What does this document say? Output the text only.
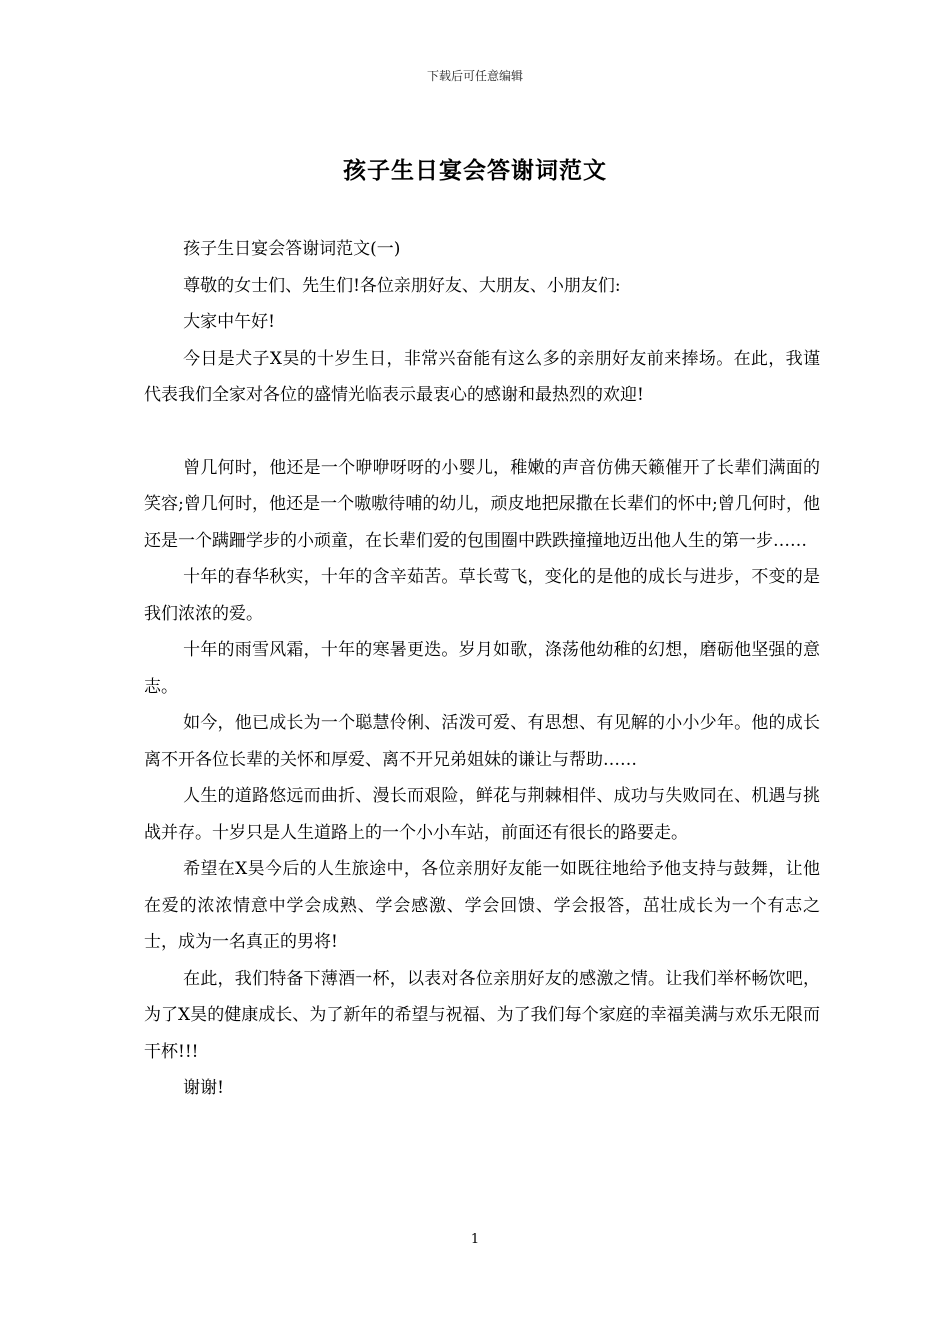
下载后可任意编辑
孩子生日宴会答谢词范文

孩子生日宴会答谢词范文(一)

尊敬的女士们、先生们!各位亲朋好友、大朋友、小朋友们:

大家中午好!

今日是犬子X昊的十岁生日，非常兴奋能有这么多的亲朋好友前来捧场。在此，我谨代表我们全家对各位的盛情光临表示最衷心的感谢和最热烈的欢迎!

曾几何时，他还是一个咿咿呀呀的小婴儿，稚嫩的声音仿佛天籁催开了长辈们满面的笑容;曾几何时，他还是一个嗷嗷待哺的幼儿，顽皮地把尿撒在长辈们的怀中;曾几何时，他还是一个蹒跚学步的小顽童，在长辈们爱的包围圈中跌跌撞撞地迈出他人生的第一步……

十年的春华秋实，十年的含辛茹苦。草长莺飞，变化的是他的成长与进步，不变的是我们浓浓的爱。

十年的雨雪风霜，十年的寒暑更迭。岁月如歌，涤荡他幼稚的幻想，磨砺他坚强的意志。

如今，他已成长为一个聪慧伶俐、活泼可爱、有思想、有见解的小小少年。他的成长离不开各位长辈的关怀和厚爱、离不开兄弟姐妹的谦让与帮助……

人生的道路悠远而曲折、漫长而艰险，鲜花与荆棘相伴、成功与失败同在、机遇与挑战并存。十岁只是人生道路上的一个小小车站，前面还有很长的路要走。

希望在X昊今后的人生旅途中，各位亲朋好友能一如既往地给予他支持与鼓舞，让他在爱的浓浓情意中学会成熟、学会感激、学会回馈、学会报答，茁壮成长为一个有志之士，成为一名真正的男将!

在此，我们特备下薄酒一杯，以表对各位亲朋好友的感激之情。让我们举杯畅饮吧，为了X昊的健康成长、为了新年的希望与祝福、为了我们每个家庭的幸福美满与欢乐无限而干杯!!!

谢谢!

1
